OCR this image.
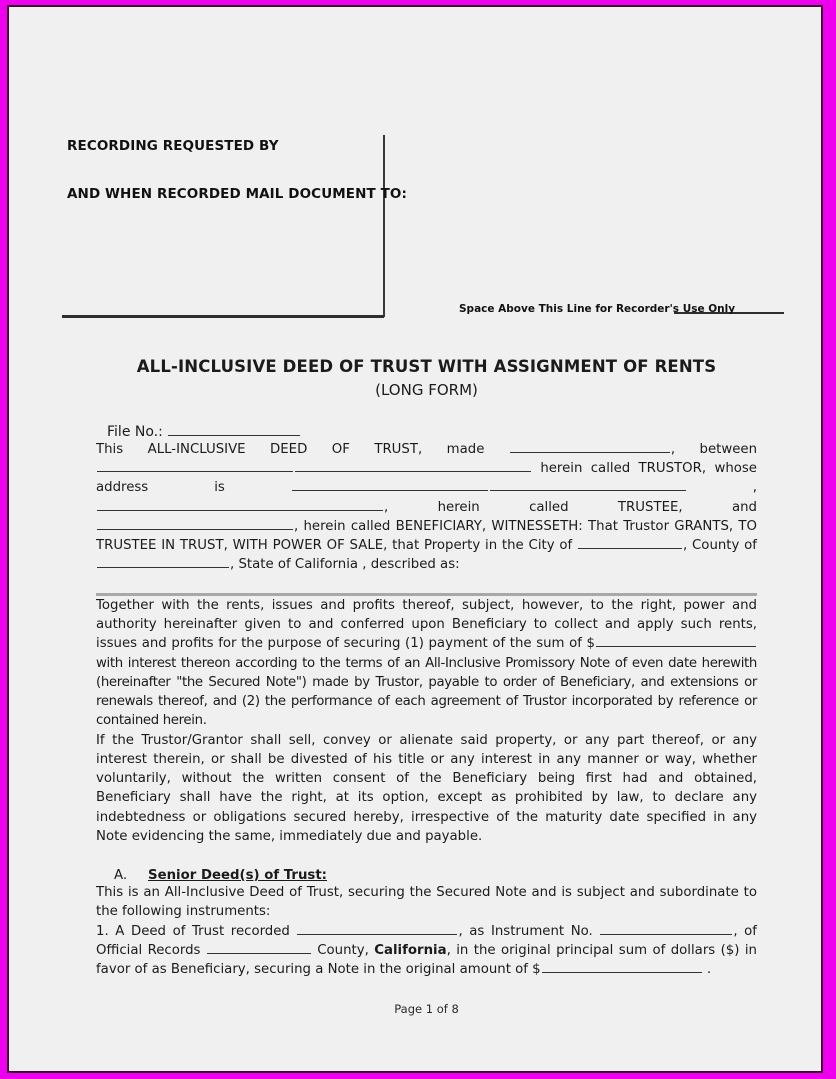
RECORDING REQUESTED BY
AND WHEN RECORDED MAIL DOCUMENT TO:
Space Above This Line for Recorder's Use Only
ALL-INCLUSIVE DEED OF TRUST WITH ASSIGNMENT OF RENTS
(LONG FORM)
File No.:

This ALL-INCLUSIVE DEED OF TRUST, made	, between  herein called TRUSTOR, whose address is	, , herein called TRUSTEE, and , herein called BENEFICIARY, WITNESSETH: That Trustor GRANTS, TO TRUSTEE IN TRUST, WITH POWER OF SALE, that Property in the City of	, County of , State of California , described as:

Together with the rents, issues and profits thereof, subject, however, to the right, power and authority hereinafter given to and conferred upon Beneficiary to collect and apply such rents, issues and profits for the purpose of securing (1) payment of the sum of $ with interest thereon according to the terms of an All-Inclusive Promissory Note of even date herewith (hereinafter "the Secured Note") made by Trustor, payable to order of Beneficiary, and extensions or renewals thereof, and (2) the performance of each agreement of Trustor incorporated by reference or contained herein.

If the Trustor/Grantor shall sell, convey or alienate said property, or any part thereof, or any interest therein, or shall be divested of his title or any interest in any manner or way, whether voluntarily, without the written consent of the Beneficiary being first had and obtained, Beneficiary shall have the right, at its option, except as prohibited by law, to declare any indebtedness or obligations secured hereby, irrespective of the maturity date specified in any Note evidencing the same, immediately due and payable.

A.	Senior Deed(s) of Trust:

This is an All-Inclusive Deed of Trust, securing the Secured Note and is subject and subordinate to the following instruments:

1. A Deed of Trust recorded	, as Instrument No.	, of Official Records	County, California, in the original principal sum of dollars ($) in favor of as Beneficiary, securing a Note in the original amount of $	.

Page 1 of 8
